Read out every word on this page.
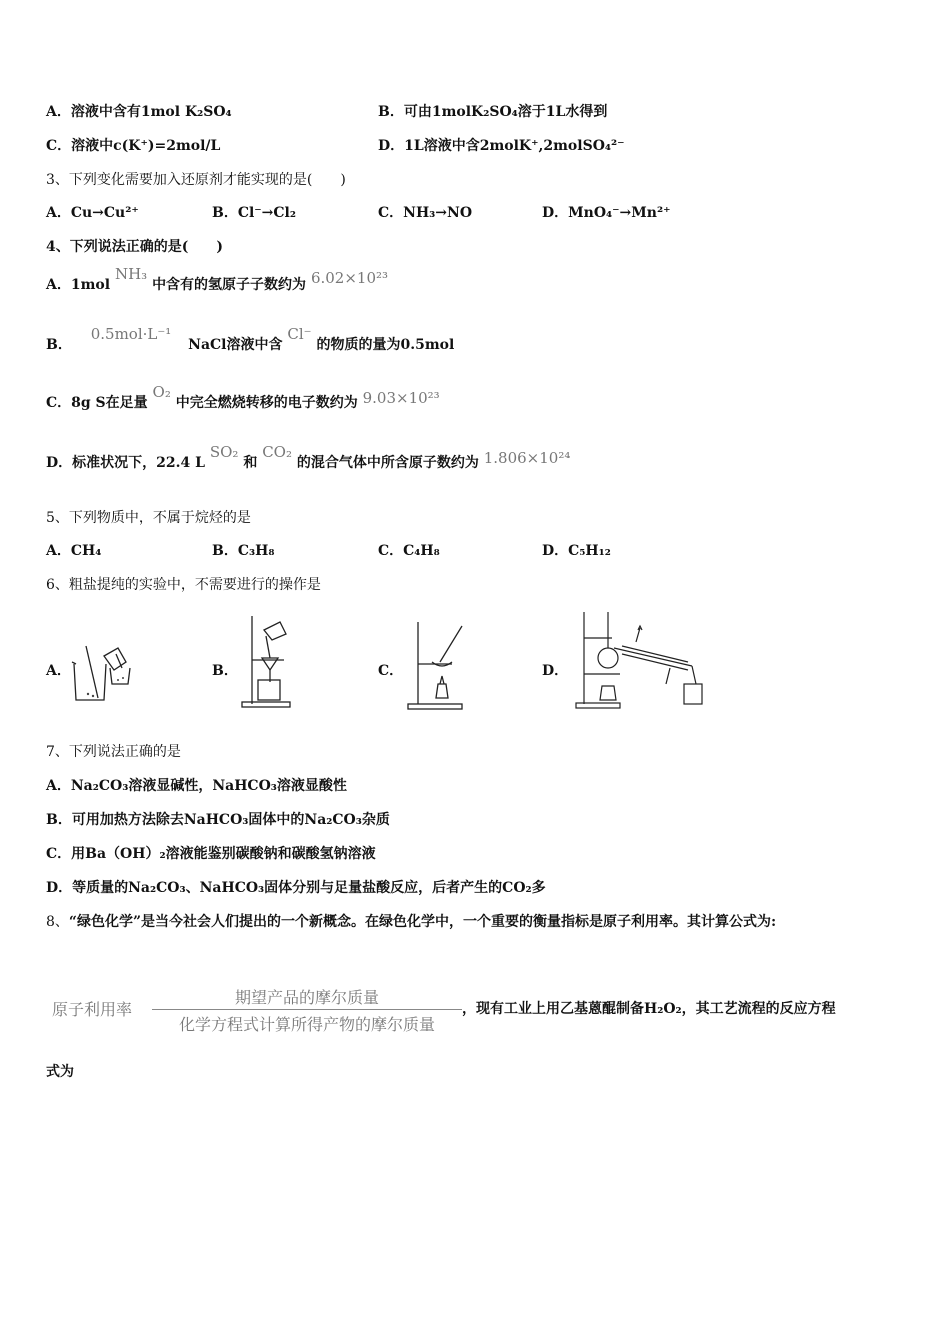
A．溶液中含有1mol K₂SO₄	B．可由1molK₂SO₄溶于1L水得到
C．溶液中c(K⁺)=2mol/L	D．1L溶液中含2molK⁺,2molSO₄²⁻
3、下列变化需要加入还原剂才能实现的是(　　)
A．Cu→Cu²⁺	B．Cl⁻→Cl₂	C．NH₃→NO	D．MnO₄⁻→Mn²⁺
4、下列说法正确的是(　　)
A．1mol NH₃ 中含有的氢原子子数约为 6.02×10²³
B． 0.5mol·L⁻¹ NaCl溶液中含 Cl⁻ 的物质的量为0.5mol
C．8g S在足量 O₂ 中完全燃烧转移的电子数约为 9.03×10²³
D．标准状况下，22.4 L SO₂ 和 CO₂ 的混合气体中所含原子数约为 1.806×10²⁴
5、下列物质中，不属于烷烃的是
A．CH₄	B．C₃H₈	C．C₄H₈	D．C₅H₁₂
6、粗盐提纯的实验中，不需要进行的操作是
A．	B．	C．	D．
7、下列说法正确的是
A．Na₂CO₃溶液显碱性，NaHCO₃溶液显酸性
B．可用加热方法除去NaHCO₃固体中的Na₂CO₃杂质
C．用Ba（OH）₂溶液能鉴别碳酸钠和碳酸氢钠溶液
D．等质量的Na₂CO₃、NaHCO₃固体分别与足量盐酸反应，后者产生的CO₂多
8、“绿色化学”是当今社会人们提出的一个新概念。在绿色化学中，一个重要的衡量指标是原子利用率。其计算公式为:
原子利用率
期望产品的摩尔质量
化学方程式计算所得产物的摩尔质量
，现有工业上用乙基蒽醌制备H₂O₂，其工艺流程的反应方程
式为
